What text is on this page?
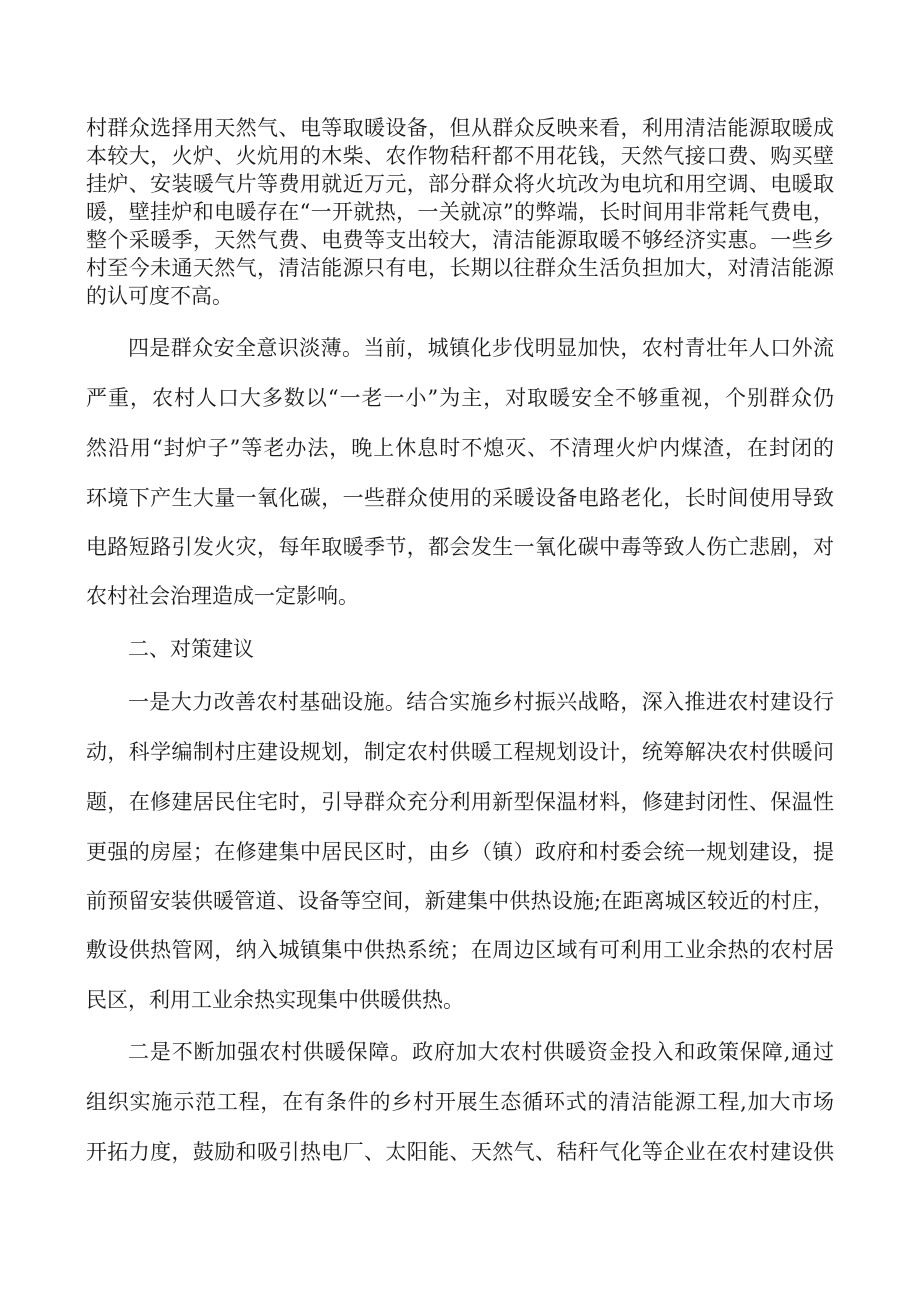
村群众选择用天然气、电等取暖设备，但从群众反映来看，利用清洁能源取暖成
本较大，火炉、火炕用的木柴、农作物秸秆都不用花钱，天然气接口费、购买壁
挂炉、安装暖气片等费用就近万元，部分群众将火坑改为电坑和用空调、电暖取
暖，壁挂炉和电暖存在“一开就热，一关就凉”的弊端，长时间用非常耗气费电，
整个采暖季，天然气费、电费等支出较大，清洁能源取暖不够经济实惠。一些乡
村至今未通天然气，清洁能源只有电，长期以往群众生活负担加大，对清洁能源
的认可度不高。
四是群众安全意识淡薄。当前，城镇化步伐明显加快，农村青壮年人口外流
严重，农村人口大多数以“一老一小”为主，对取暖安全不够重视，个别群众仍
然沿用“封炉子”等老办法，晚上休息时不熄灭、不清理火炉内煤渣，在封闭的
环境下产生大量一氧化碳，一些群众使用的采暖设备电路老化，长时间使用导致
电路短路引发火灾，每年取暖季节，都会发生一氧化碳中毒等致人伤亡悲剧，对
农村社会治理造成一定影响。
二、对策建议
一是大力改善农村基础设施。结合实施乡村振兴战略，深入推进农村建设行
动，科学编制村庄建设规划，制定农村供暖工程规划设计，统筹解决农村供暖问
题，在修建居民住宅时，引导群众充分利用新型保温材料，修建封闭性、保温性
更强的房屋；在修建集中居民区时，由乡（镇）政府和村委会统一规划建设，提
前预留安装供暖管道、设备等空间，新建集中供热设施;在距离城区较近的村庄，
敷设供热管网，纳入城镇集中供热系统；在周边区域有可利用工业余热的农村居
民区，利用工业余热实现集中供暖供热。
二是不断加强农村供暖保障。政府加大农村供暖资金投入和政策保障,通过
组织实施示范工程，在有条件的乡村开展生态循环式的清洁能源工程,加大市场
开拓力度，鼓励和吸引热电厂、太阳能、天然气、秸秆气化等企业在农村建设供
